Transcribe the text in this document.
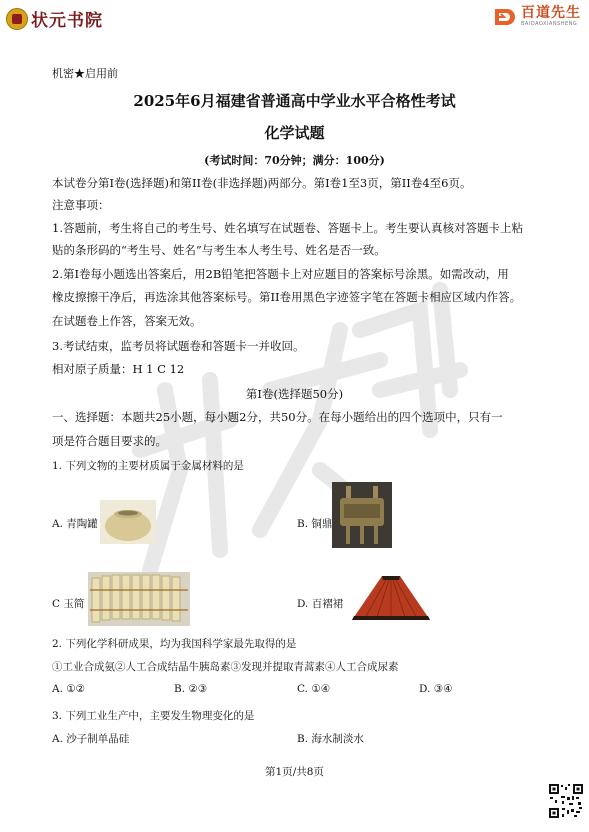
状元书院	百道先生
BAIDAOXIANSHENG
机密★启用前
2025年6月福建省普通高中学业水平合格性考试
化学试题
(考试时间：70分钟；满分：100分)
本试卷分第I卷(选择题)和第II卷(非选择题)两部分。第I卷1至3页，第II卷4至6页。
注意事项：
1.答题前，考生将自己的考生号、姓名填写在试题卷、答题卡上。考生要认真核对答题卡上粘
贴的条形码的“考生号、姓名”与考生本人考生号、姓名是否一致。
2.第I卷每小题选出答案后，用2B铅笔把答题卡上对应题目的答案标号涂黑。如需改动，用
橡皮擦擦干净后，再选涂其他答案标号。第II卷用黑色字迹签字笔在答题卡相应区域内作答。
在试题卷上作答，答案无效。
3.考试结束，监考员将试题卷和答题卡一并收回。
相对原子质量：H 1 C 12
第I卷(选择题50分)
一、选择题：本题共25小题，每小题2分，共50分。在每小题给出的四个选项中，只有一
项是符合题目要求的。
1. 下列文物的主要材质属于金属材料的是
A. 青陶罐	B. 铜鼎
C 玉简	D. 百褶裙
2. 下列化学科研成果，均为我国科学家最先取得的是
①工业合成氨②人工合成结晶牛胰岛素③发现并提取青蒿素④人工合成尿素
A. ①②	B. ②③	C. ①④	D. ③④
3. 下列工业生产中，主要发生物理变化的是
A. 沙子制单晶硅	B. 海水制淡水
第1页/共8页
